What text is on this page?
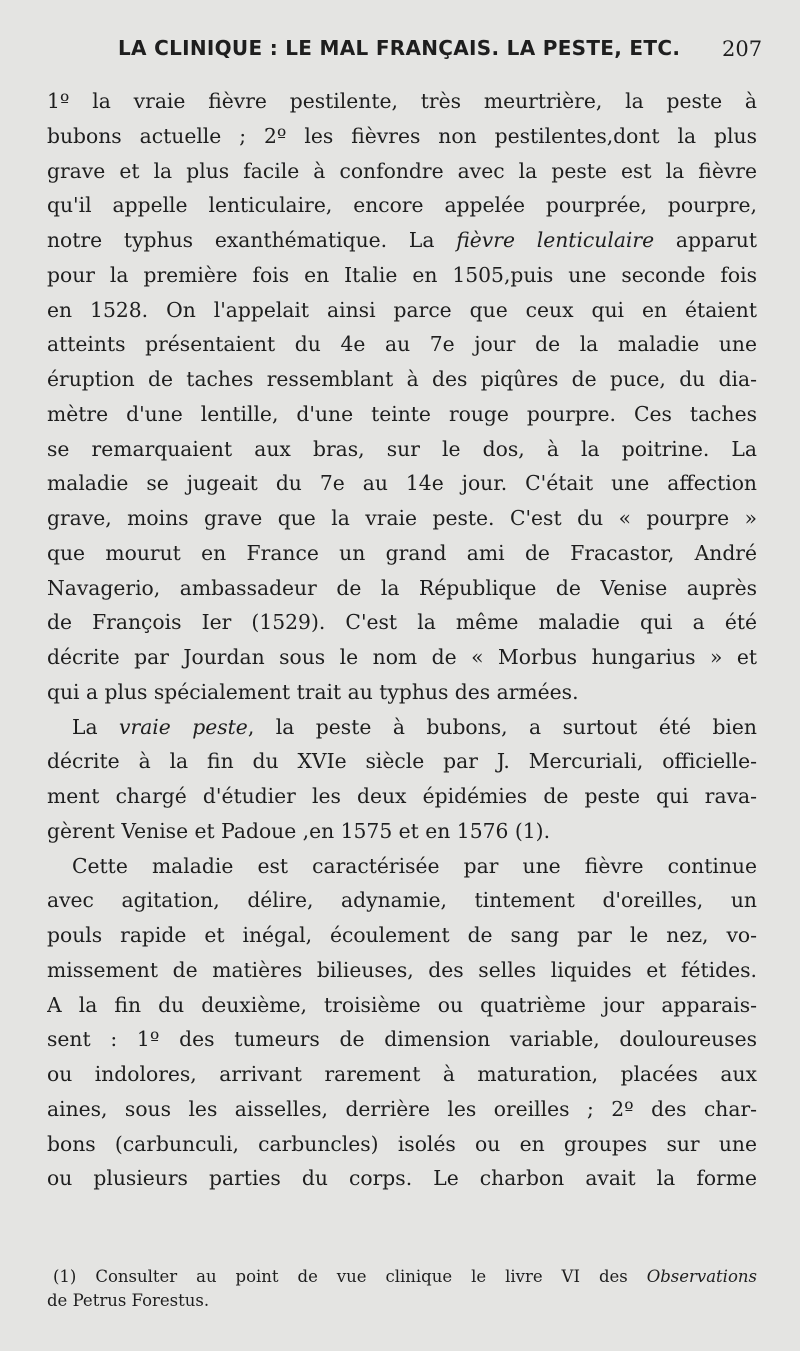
LA CLINIQUE : LE MAL FRANÇAIS. LA PESTE, ETC. 207
1º la vraie fièvre pestilente, très meurtrière, la peste à
bubons actuelle ; 2º les fièvres non pestilentes,dont la plus
grave et la plus facile à confondre avec la peste est la fièvre
qu'il appelle lenticulaire, encore appelée pourprée, pourpre,
notre typhus exanthématique. La fièvre lenticulaire apparut
pour la première fois en Italie en 1505,puis une seconde fois
en 1528. On l'appelait ainsi parce que ceux qui en étaient
atteints présentaient du 4e au 7e jour de la maladie une
éruption de taches ressemblant à des piqûres de puce, du dia-
mètre d'une lentille, d'une teinte rouge pourpre. Ces taches
se remarquaient aux bras, sur le dos, à la poitrine. La
maladie se jugeait du 7e au 14e jour. C'était une affection
grave, moins grave que la vraie peste. C'est du « pourpre »
que mourut en France un grand ami de Fracastor, André
Navagerio, ambassadeur de la République de Venise auprès
de François Ier (1529). C'est la même maladie qui a été
décrite par Jourdan sous le nom de « Morbus hungarius » et
qui a plus spécialement trait au typhus des armées.
La vraie peste, la peste à bubons, a surtout été bien
décrite à la fin du XVIe siècle par J. Mercuriali, officielle-
ment chargé d'étudier les deux épidémies de peste qui rava-
gèrent Venise et Padoue ,en 1575 et en 1576 (1).
Cette maladie est caractérisée par une fièvre continue
avec agitation, délire, adynamie, tintement d'oreilles, un
pouls rapide et inégal, écoulement de sang par le nez, vo-
missement de matières bilieuses, des selles liquides et fétides.
A la fin du deuxième, troisième ou quatrième jour apparais-
sent : 1º des tumeurs de dimension variable, douloureuses
ou indolores, arrivant rarement à maturation, placées aux
aines, sous les aisselles, derrière les oreilles ; 2º des char-
bons (carbunculi, carbuncles) isolés ou en groupes sur une
ou plusieurs parties du corps. Le charbon avait la forme
(1) Consulter au point de vue clinique le livre VI des Observations
de Petrus Forestus.
